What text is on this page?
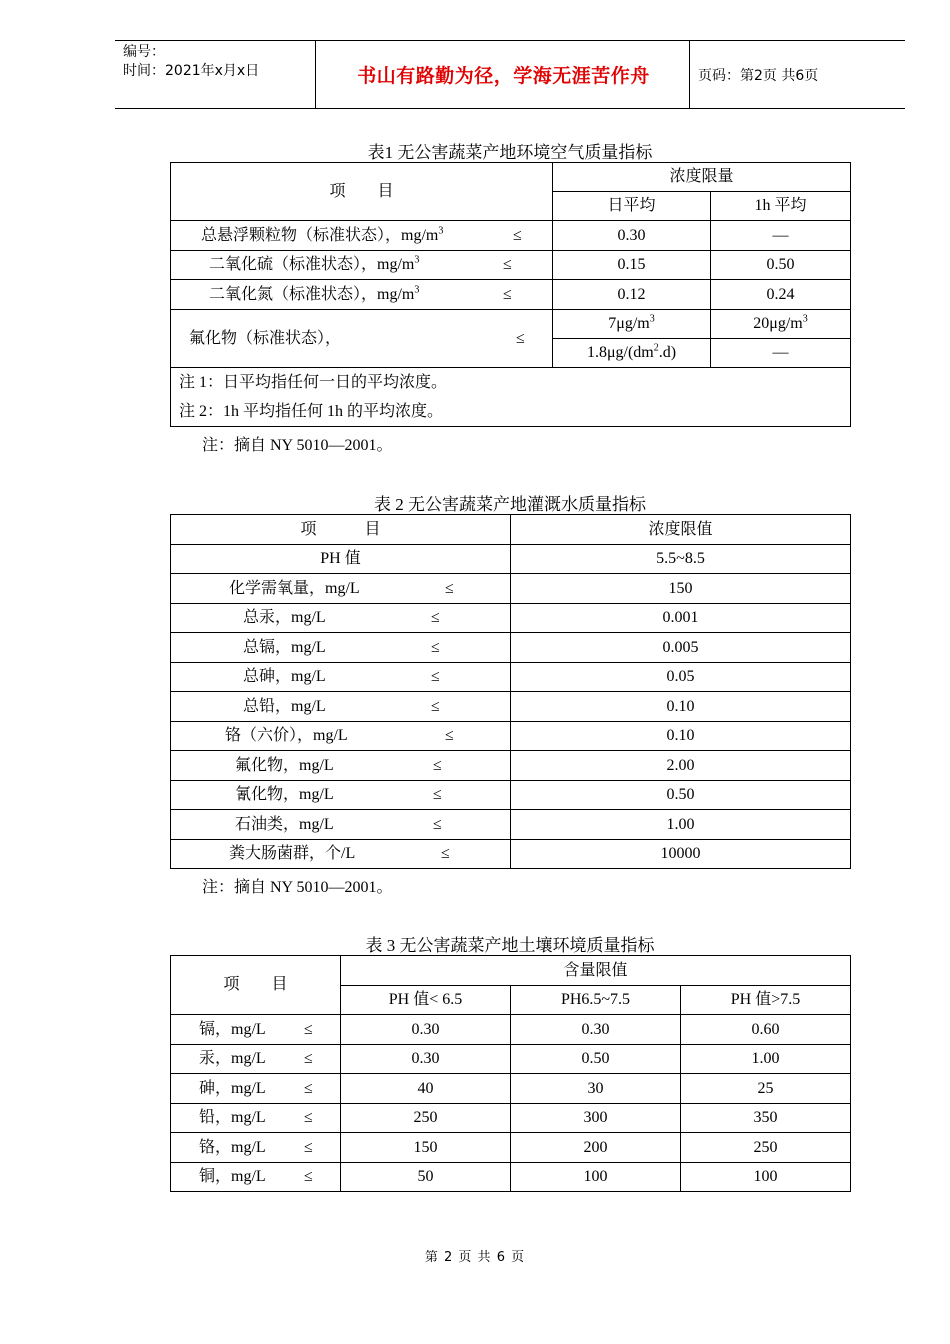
编号：
时间：2021年x月x日	书山有路勤为径，学海无涯苦作舟	页码：第2页 共6页
表1 无公害蔬菜产地环境空气质量指标
项　　目	浓度限量	
	日平均	1h 平均

总悬浮颗粒物（标准状态），$mg/m^3$ ≤	0.30	—

二氧化硫（标准状态），$mg/m^3$ ≤	0.15	0.50

二氧化氮（标准状态），$mg/m^3$ ≤	0.12	0.24

氟化物（标准状态）， ≤	$7\mu g/m^3$	$20\mu g/m^3$
	$1.8\mu g/(dm^2.d)$	—

注 1：日平均指任何一日的平均浓度。
注 2：1h 平均指任何 1h 的平均浓度。		
注：摘自 NY 5010—2001。
表 2 无公害蔬菜产地灌溉水质量指标
项　　　目	浓度限值
PH 值	5.5~8.5

化学需氧量，mg/L ≤	150

总汞，mg/L ≤	0.001

总镉，mg/L ≤	0.005

总砷，mg/L ≤	0.05

总铅，mg/L ≤	0.10

铬（六价），mg/L ≤	0.10

氟化物，mg/L ≤	2.00

氰化物，mg/L ≤	0.50

石油类，mg/L ≤	1.00

粪大肠菌群，个/L ≤	10000
注：摘自 NY 5010—2001。
表 3 无公害蔬菜产地土壤环境质量指标
项　　目	含量限值		
	PH 值< 6.5	PH6.5~7.5	PH 值>7.5

镉，mg/L ≤	0.30	0.30	0.60

汞，mg/L ≤	0.30	0.50	1.00

砷，mg/L ≤	40	30	25

铅，mg/L ≤	250	300	350

铬，mg/L ≤	150	200	250

铜，mg/L ≤	50	100	100
第 2 页 共 6 页
